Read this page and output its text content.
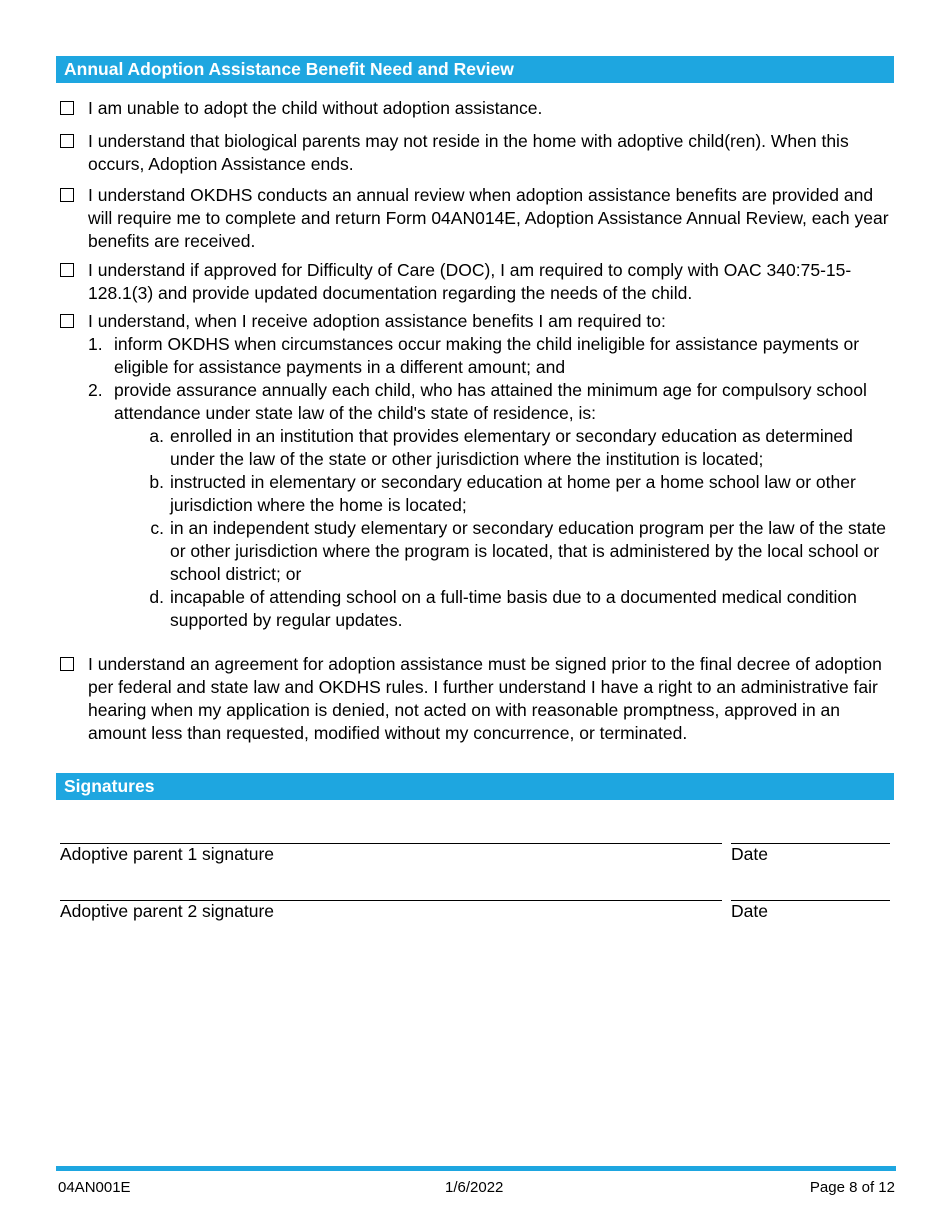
Annual Adoption Assistance Benefit Need and Review
I am unable to adopt the child without adoption assistance.
I understand that biological parents may not reside in the home with adoptive child(ren). When this occurs, Adoption Assistance ends.
I understand OKDHS conducts an annual review when adoption assistance benefits are provided and will require me to complete and return Form 04AN014E, Adoption Assistance Annual Review, each year benefits are received.
I understand if approved for Difficulty of Care (DOC), I am required to comply with OAC 340:75-15-128.1(3) and provide updated documentation regarding the needs of the child.
I understand, when I receive adoption assistance benefits I am required to:
1. inform OKDHS when circumstances occur making the child ineligible for assistance payments or eligible for assistance payments in a different amount; and
2. provide assurance annually each child, who has attained the minimum age for compulsory school attendance under state law of the child's state of residence, is:
a. enrolled in an institution that provides elementary or secondary education as determined under the law of the state or other jurisdiction where the institution is located;
b. instructed in elementary or secondary education at home per a home school law or other jurisdiction where the home is located;
c. in an independent study elementary or secondary education program per the law of the state or other jurisdiction where the program is located, that is administered by the local school or school district; or
d. incapable of attending school on a full-time basis due to a documented medical condition supported by regular updates.
I understand an agreement for adoption assistance must be signed prior to the final decree of adoption per federal and state law and OKDHS rules. I further understand I have a right to an administrative fair hearing when my application is denied, not acted on with reasonable promptness, approved in an amount less than requested, modified without my concurrence, or terminated.
Signatures
Adoptive parent 1 signature	Date
Adoptive parent 2 signature	Date
04AN001E	1/6/2022	Page 8 of 12
